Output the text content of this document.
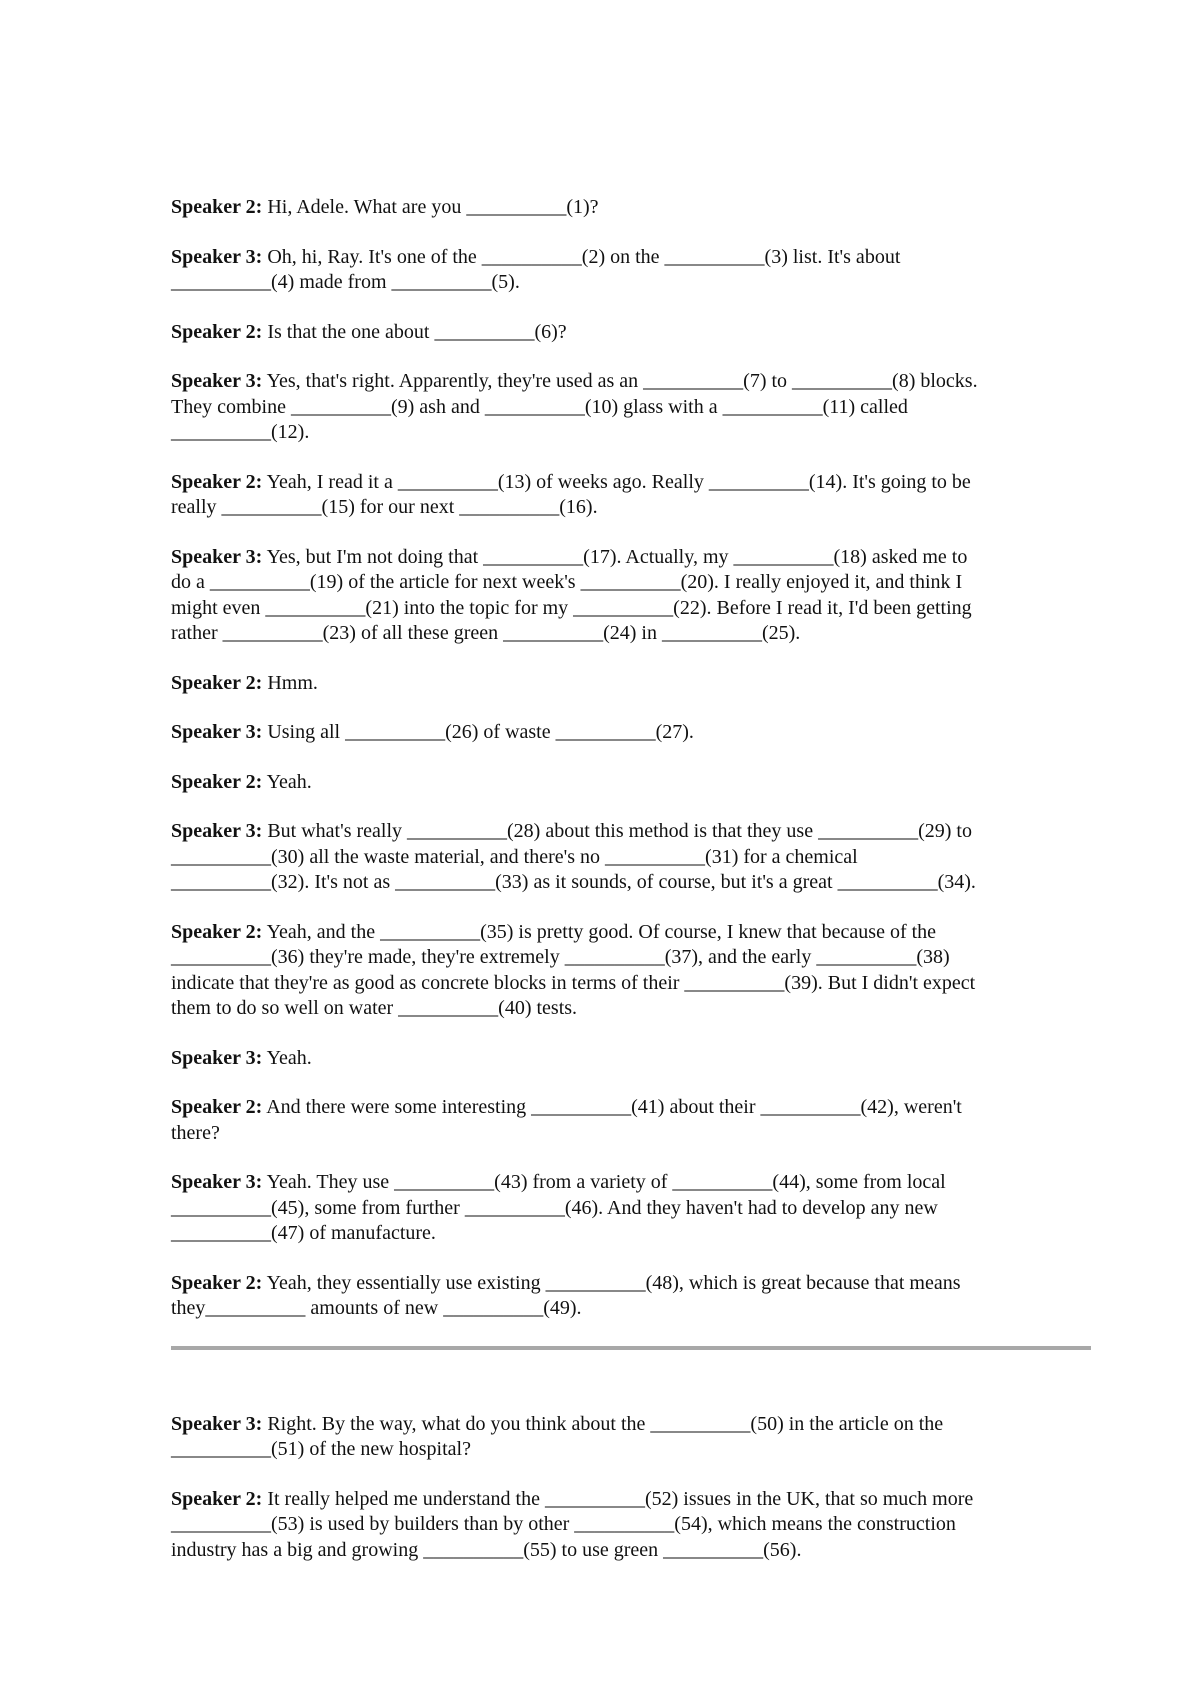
Speaker 2: Hi, Adele. What are you __________(1)?
Speaker 3: Oh, hi, Ray. It's one of the __________(2) on the __________(3) list. It's about
__________(4) made from __________(5).
Speaker 2: Is that the one about __________(6)?
Speaker 3: Yes, that's right. Apparently, they're used as an __________(7) to __________(8) blocks.
They combine __________(9) ash and __________(10) glass with a __________(11) called
__________(12).
Speaker 2: Yeah, I read it a __________(13) of weeks ago. Really __________(14). It's going to be
really __________(15) for our next __________(16).
Speaker 3: Yes, but I'm not doing that __________(17). Actually, my __________(18) asked me to
do a __________(19) of the article for next week's __________(20). I really enjoyed it, and think I
might even __________(21) into the topic for my __________(22). Before I read it, I'd been getting
rather __________(23) of all these green __________(24) in __________(25).
Speaker 2: Hmm.
Speaker 3: Using all __________(26) of waste __________(27).
Speaker 2: Yeah.
Speaker 3: But what's really __________(28) about this method is that they use __________(29) to
__________(30) all the waste material, and there's no __________(31) for a chemical
__________(32). It's not as __________(33) as it sounds, of course, but it's a great __________(34).
Speaker 2: Yeah, and the __________(35) is pretty good. Of course, I knew that because of the
__________(36) they're made, they're extremely __________(37), and the early __________(38)
indicate that they're as good as concrete blocks in terms of their __________(39). But I didn't expect
them to do so well on water __________(40) tests.
Speaker 3: Yeah.
Speaker 2: And there were some interesting __________(41) about their __________(42), weren't
there?
Speaker 3: Yeah. They use __________(43) from a variety of __________(44), some from local
__________(45), some from further __________(46). And they haven't had to develop any new
__________(47) of manufacture.
Speaker 2: Yeah, they essentially use existing __________(48), which is great because that means
they__________ amounts of new __________(49).
Speaker 3: Right. By the way, what do you think about the __________(50) in the article on the
__________(51) of the new hospital?
Speaker 2: It really helped me understand the __________(52) issues in the UK, that so much more
__________(53) is used by builders than by other __________(54), which means the construction
industry has a big and growing __________(55) to use green __________(56).
